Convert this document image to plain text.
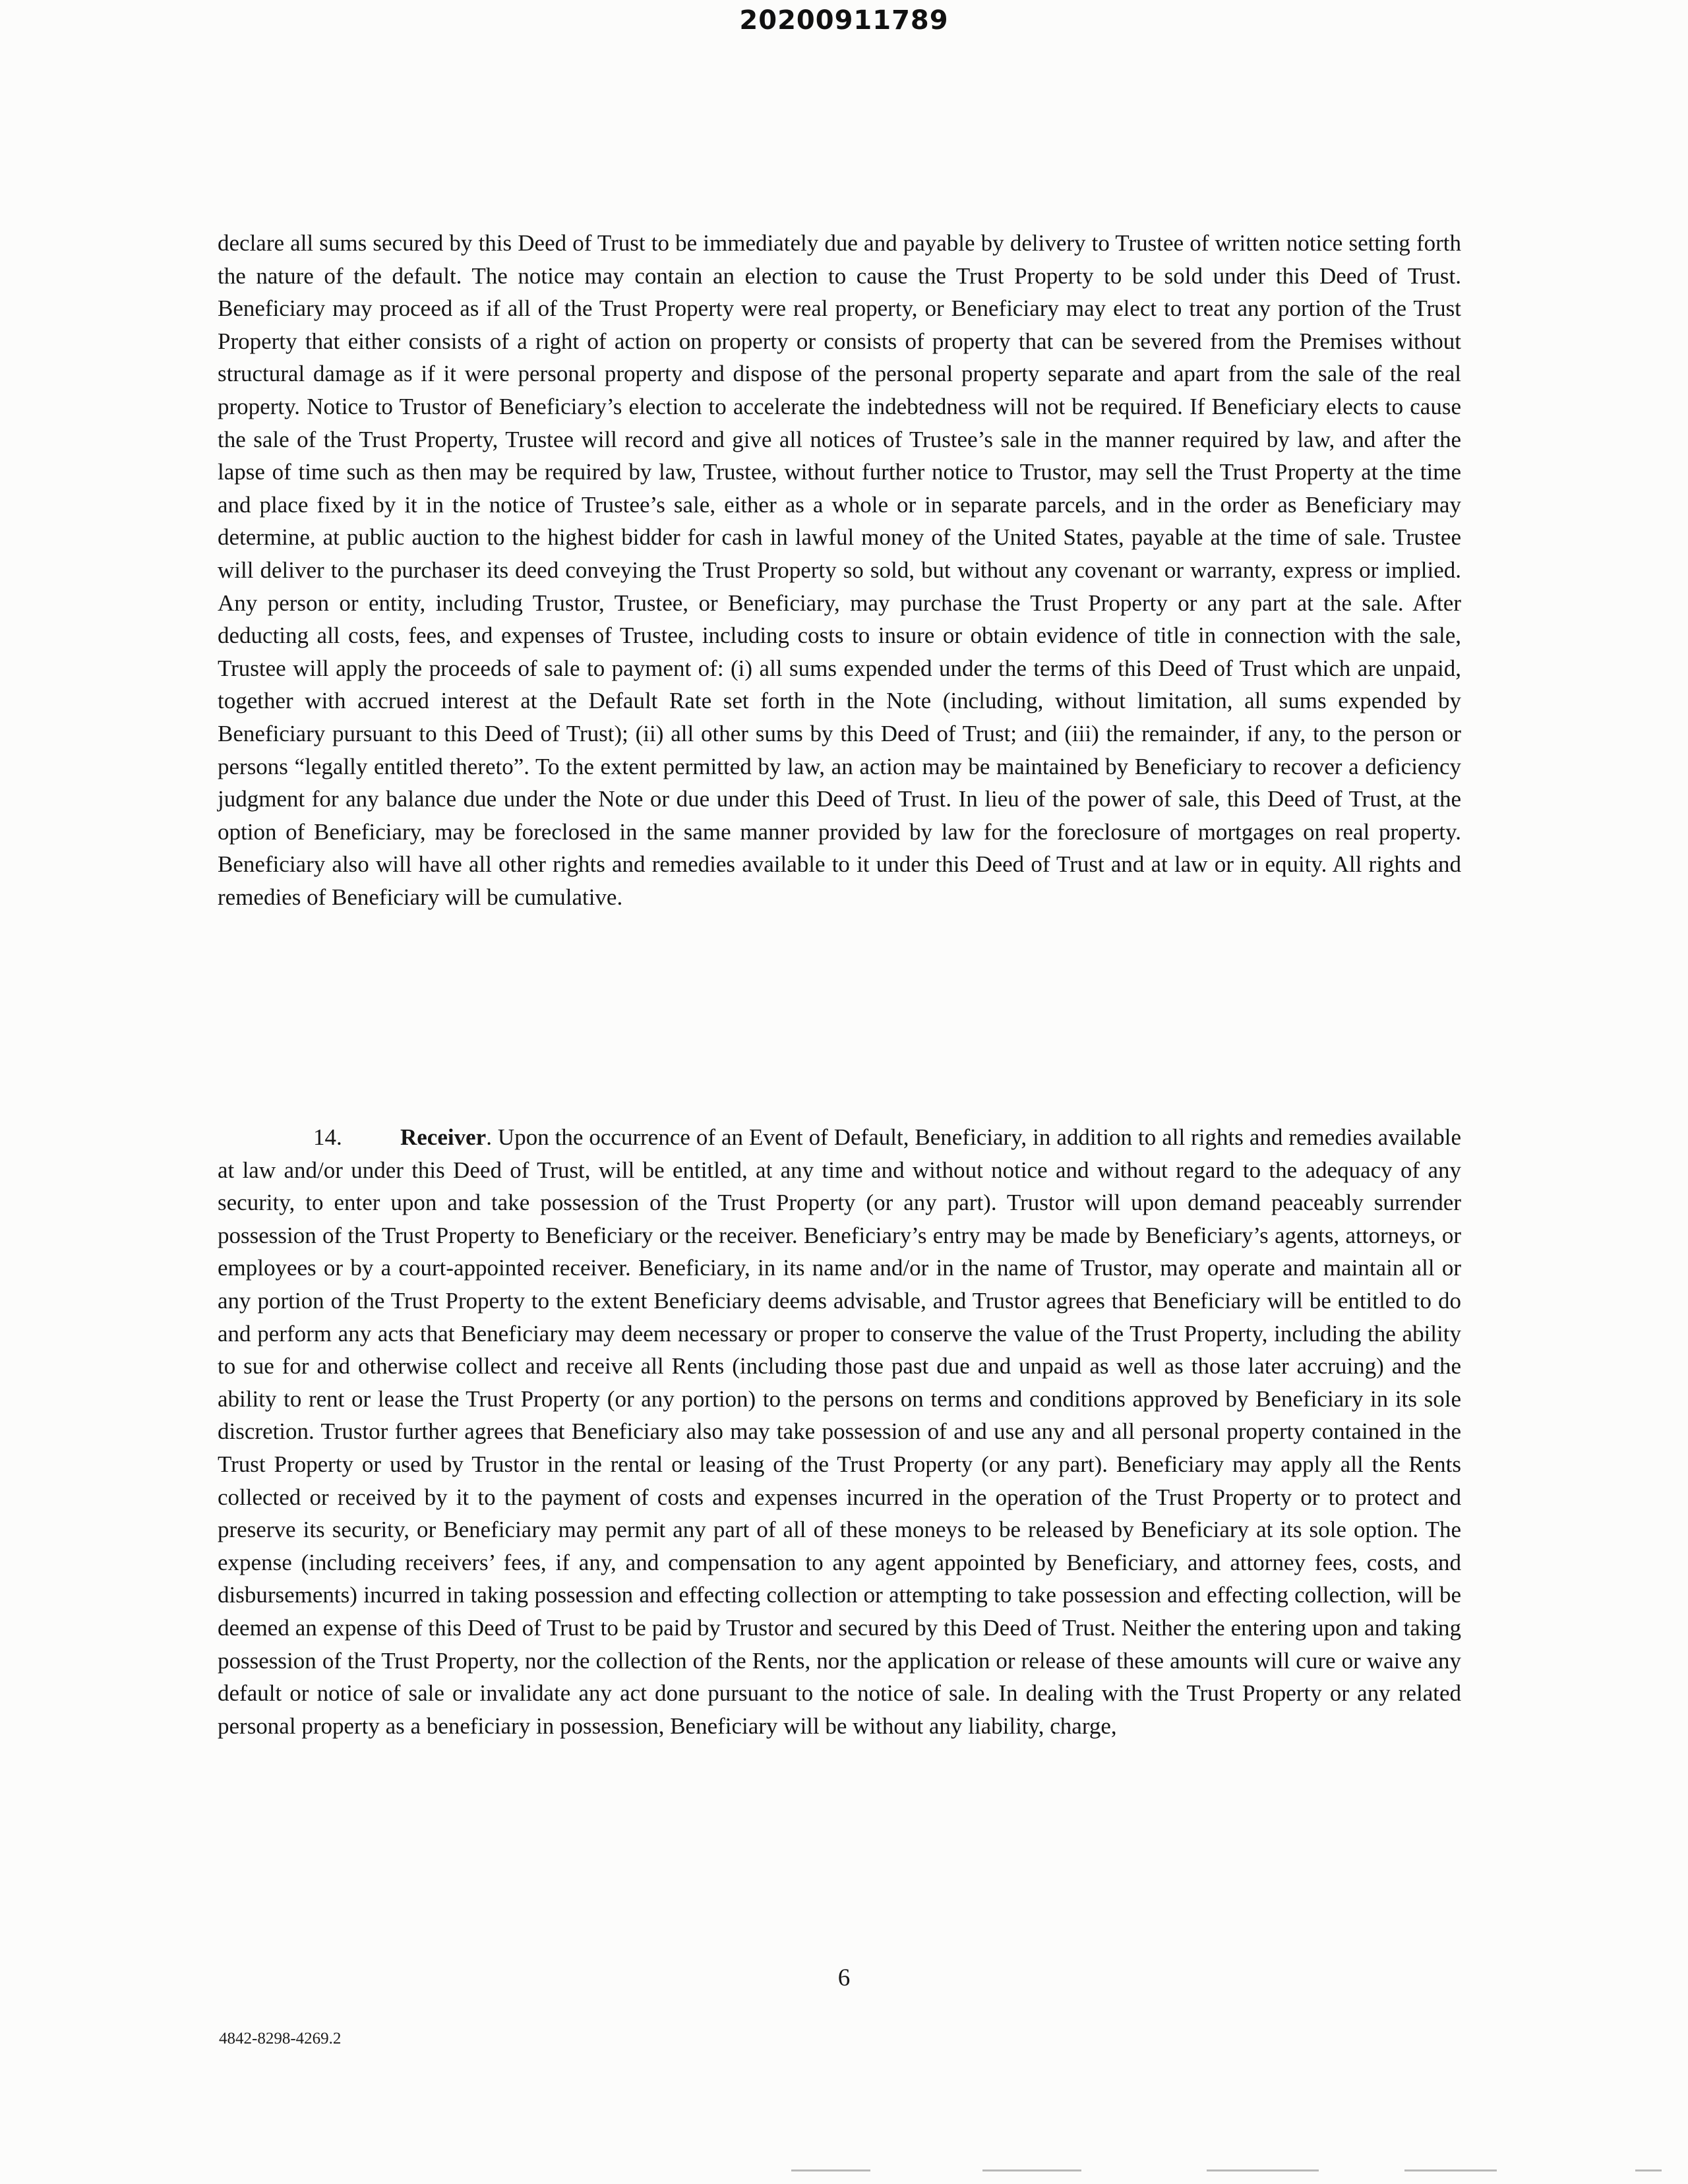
20200911789
declare all sums secured by this Deed of Trust to be immediately due and payable by delivery to Trustee of written notice setting forth the nature of the default. The notice may contain an election to cause the Trust Property to be sold under this Deed of Trust. Beneficiary may proceed as if all of the Trust Property were real property, or Beneficiary may elect to treat any portion of the Trust Property that either consists of a right of action on property or consists of property that can be severed from the Premises without structural damage as if it were personal property and dispose of the personal property separate and apart from the sale of the real property. Notice to Trustor of Beneficiary’s election to accelerate the indebtedness will not be required. If Beneficiary elects to cause the sale of the Trust Property, Trustee will record and give all notices of Trustee’s sale in the manner required by law, and after the lapse of time such as then may be required by law, Trustee, without further notice to Trustor, may sell the Trust Property at the time and place fixed by it in the notice of Trustee’s sale, either as a whole or in separate parcels, and in the order as Beneficiary may determine, at public auction to the highest bidder for cash in lawful money of the United States, payable at the time of sale. Trustee will deliver to the purchaser its deed conveying the Trust Property so sold, but without any covenant or warranty, express or implied. Any person or entity, including Trustor, Trustee, or Beneficiary, may purchase the Trust Property or any part at the sale. After deducting all costs, fees, and expenses of Trustee, including costs to insure or obtain evidence of title in connection with the sale, Trustee will apply the proceeds of sale to payment of: (i) all sums expended under the terms of this Deed of Trust which are unpaid, together with accrued interest at the Default Rate set forth in the Note (including, without limitation, all sums expended by Beneficiary pursuant to this Deed of Trust); (ii) all other sums by this Deed of Trust; and (iii) the remainder, if any, to the person or persons “legally entitled thereto”. To the extent permitted by law, an action may be maintained by Beneficiary to recover a deficiency judgment for any balance due under the Note or due under this Deed of Trust. In lieu of the power of sale, this Deed of Trust, at the option of Beneficiary, may be foreclosed in the same manner provided by law for the foreclosure of mortgages on real property. Beneficiary also will have all other rights and remedies available to it under this Deed of Trust and at law or in equity. All rights and remedies of Beneficiary will be cumulative.
14.	Receiver. Upon the occurrence of an Event of Default, Beneficiary, in addition to all rights and remedies available at law and/or under this Deed of Trust, will be entitled, at any time and without notice and without regard to the adequacy of any security, to enter upon and take possession of the Trust Property (or any part). Trustor will upon demand peaceably surrender possession of the Trust Property to Beneficiary or the receiver. Beneficiary’s entry may be made by Beneficiary’s agents, attorneys, or employees or by a court-appointed receiver. Beneficiary, in its name and/or in the name of Trustor, may operate and maintain all or any portion of the Trust Property to the extent Beneficiary deems advisable, and Trustor agrees that Beneficiary will be entitled to do and perform any acts that Beneficiary may deem necessary or proper to conserve the value of the Trust Property, including the ability to sue for and otherwise collect and receive all Rents (including those past due and unpaid as well as those later accruing) and the ability to rent or lease the Trust Property (or any portion) to the persons on terms and conditions approved by Beneficiary in its sole discretion. Trustor further agrees that Beneficiary also may take possession of and use any and all personal property contained in the Trust Property or used by Trustor in the rental or leasing of the Trust Property (or any part). Beneficiary may apply all the Rents collected or received by it to the payment of costs and expenses incurred in the operation of the Trust Property or to protect and preserve its security, or Beneficiary may permit any part of all of these moneys to be released by Beneficiary at its sole option. The expense (including receivers’ fees, if any, and compensation to any agent appointed by Beneficiary, and attorney fees, costs, and disbursements) incurred in taking possession and effecting collection or attempting to take possession and effecting collection, will be deemed an expense of this Deed of Trust to be paid by Trustor and secured by this Deed of Trust. Neither the entering upon and taking possession of the Trust Property, nor the collection of the Rents, nor the application or release of these amounts will cure or waive any default or notice of sale or invalidate any act done pursuant to the notice of sale. In dealing with the Trust Property or any related personal property as a beneficiary in possession, Beneficiary will be without any liability, charge,
6
4842-8298-4269.2
